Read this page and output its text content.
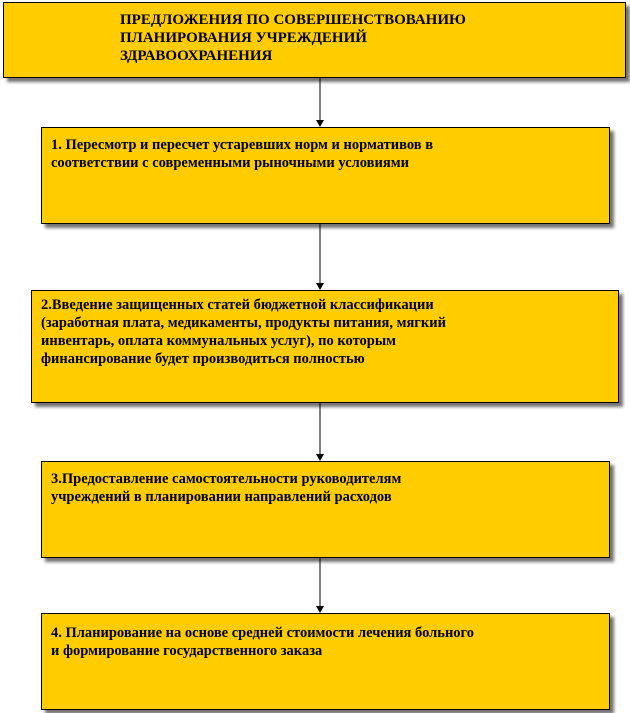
ПРЕДЛОЖЕНИЯ ПО СОВЕРШЕНСТВОВАНИЮ
ПЛАНИРОВАНИЯ УЧРЕЖДЕНИЙ
ЗДРАВООХРАНЕНИЯ
1. Пересмотр и пересчет устаревших норм и нормативов в
соответствии с современными рыночными условиями
2.Введение защищенных статей бюджетной классификации
(заработная плата, медикаменты, продукты питания, мягкий
инвентарь, оплата коммунальных услуг), по которым
финансирование будет производиться полностью
3.Предоставление самостоятельности руководителям
учреждений в планировании направлений расходов
4. Планирование на основе средней стоимости лечения больного
и формирование государственного заказа
